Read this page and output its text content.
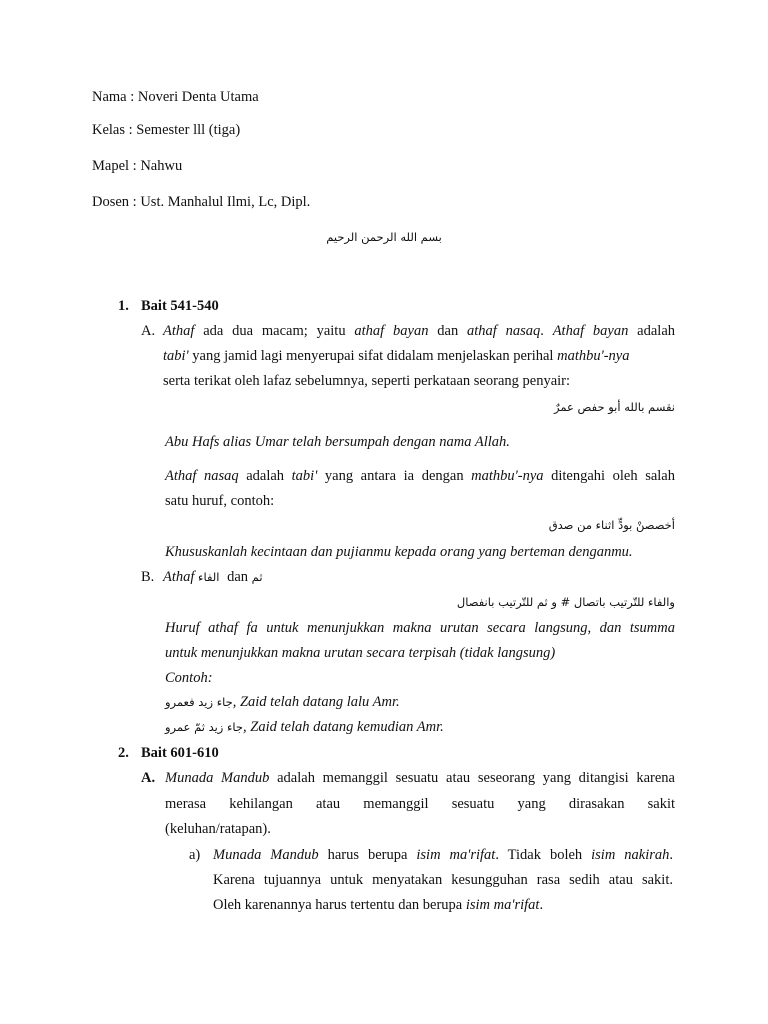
Nama : Noveri Denta Utama
Kelas : Semester lll (tiga)
Mapel : Nahwu
Dosen : Ust. Manhalul Ilmi, Lc, Dipl.
بسم الله الرحمن الرحيم
1. Bait 541-540
A. Athaf ada dua macam; yaitu athaf bayan dan athaf nasaq. Athaf bayan adalah
tabi' yang jamid lagi menyerupai sifat didalam menjelaskan perihal mathbu'-nya
serta terikat oleh lafaz sebelumnya, seperti perkataan seorang penyair:
نقسم بالله أبو حفص عمرٌ
Abu Hafs alias Umar telah bersumpah dengan nama Allah.
Athaf nasaq adalah tabi' yang antara ia dengan mathbu'-nya ditengahi oleh salah
satu huruf, contoh:
أخصصنْ بودٍّ اثناء من صدق
Khususkanlah kecintaan dan pujianmu kepada orang yang berteman denganmu.
B. Athaf الفاء dan ثم
والفاء للتّرتيب باتصال # و ثم للتّرتيب بانفصال
Huruf athaf fa untuk menunjukkan makna urutan secara langsung, dan tsumma
untuk menunjukkan makna urutan secara terpisah (tidak langsung)
Contoh:
جاء زيد فعمرو, Zaid telah datang lalu Amr.
جاء زيد ثمّ عمرو, Zaid telah datang kemudian Amr.
2. Bait 601-610
A. Munada Mandub adalah memanggil sesuatu atau seseorang yang ditangisi karena
merasa kehilangan atau memanggil sesuatu yang dirasakan sakit
(keluhan/ratapan).
a) Munada Mandub harus berupa isim ma'rifat. Tidak boleh isim nakirah.
Karena tujuannya untuk menyatakan kesungguhan rasa sedih atau sakit.
Oleh karenannya harus tertentu dan berupa isim ma'rifat.
